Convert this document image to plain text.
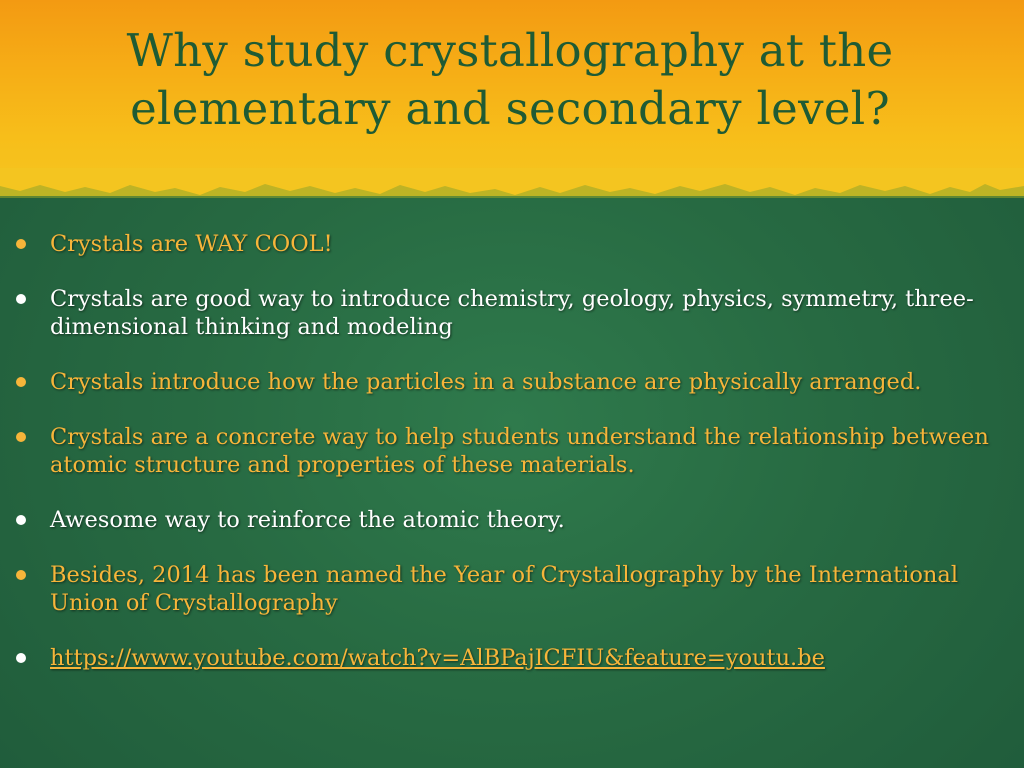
Why study crystallography at the elementary and secondary level?
Crystals are WAY COOL!
Crystals are good way to introduce chemistry, geology, physics, symmetry, three-dimensional thinking and modeling
Crystals introduce how the particles in a substance are physically arranged.
Crystals are a concrete way to help students understand the relationship between atomic structure and properties of these materials.
Awesome way to reinforce the atomic theory.
Besides, 2014 has been named the Year of Crystallography by the International Union of Crystallography
https://www.youtube.com/watch?v=AlBPajICFIU&feature=youtu.be
